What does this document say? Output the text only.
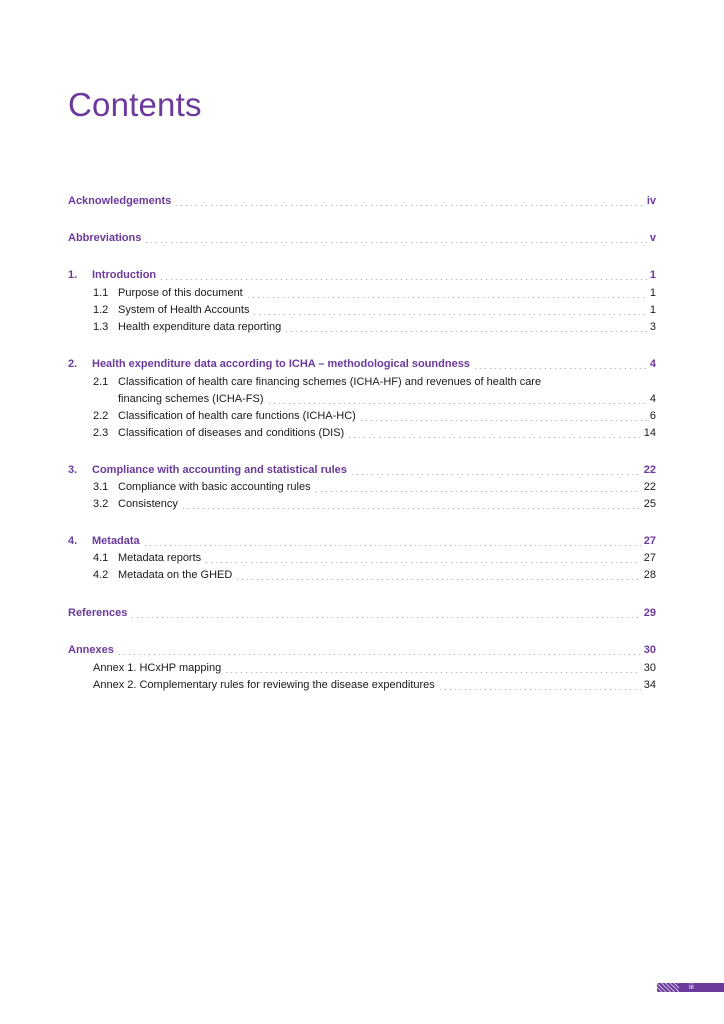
Contents
Acknowledgements	iv
Abbreviations	v
1.	Introduction	1
1.1 Purpose of this document	1
1.2 System of Health Accounts	1
1.3 Health expenditure data reporting	3
2.	Health expenditure data according to ICHA – methodological soundness	4
2.1 Classification of health care financing schemes (ICHA-HF) and revenues of health care
financing schemes (ICHA-FS)	4
2.2 Classification of health care functions (ICHA-HC)	6
2.3 Classification of diseases and conditions (DIS)	14
3.	Compliance with accounting and statistical rules	22
3.1 Compliance with basic accounting rules	22
3.2 Consistency	25
4.	Metadata	27
4.1 Metadata reports	27
4.2 Metadata on the GHED	28
References	29
Annexes	30
Annex 1. HCxHP mapping	30
Annex 2. Complementary rules for reviewing the disease expenditures	34
iii
